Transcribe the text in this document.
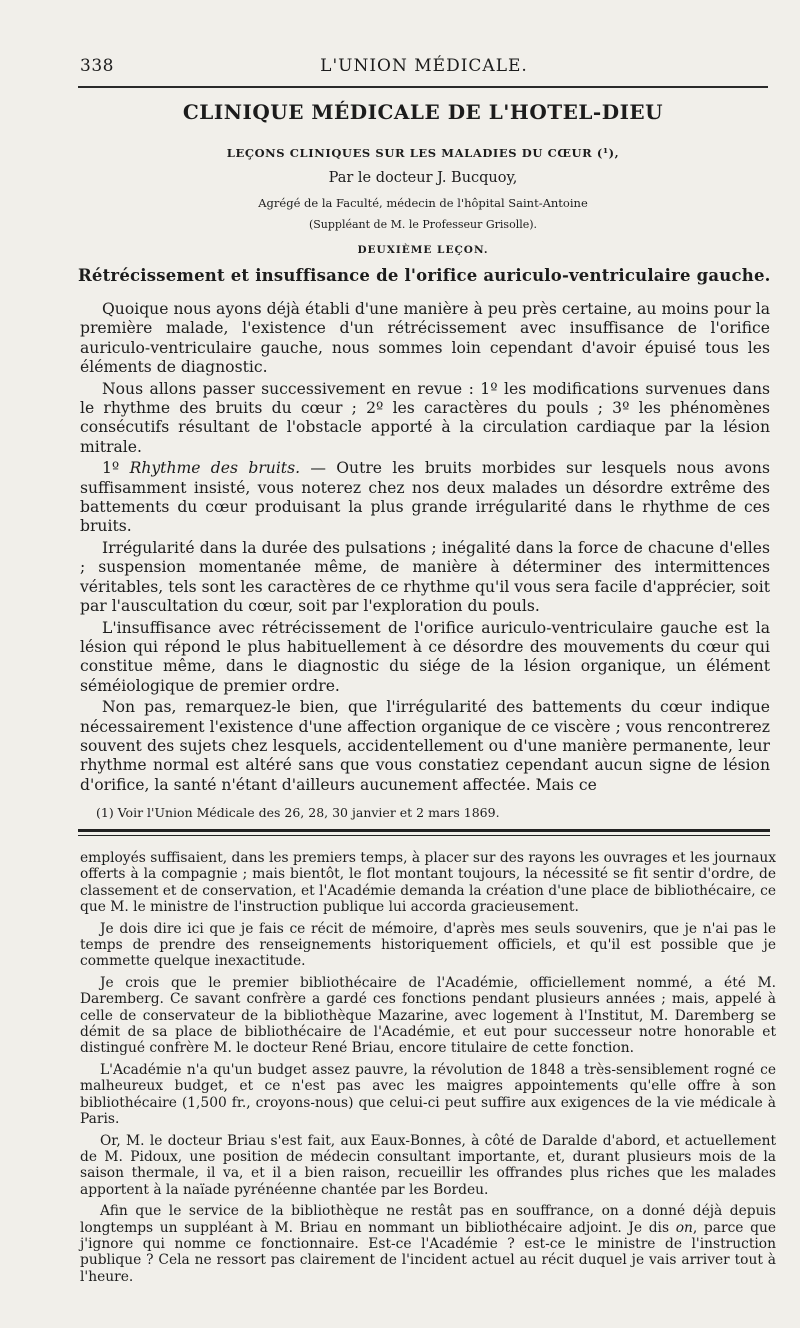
338	L'UNION MÉDICALE.
CLINIQUE MÉDICALE DE L'HOTEL-DIEU
LEÇONS CLINIQUES SUR LES MALADIES DU CŒUR (¹),
Par le docteur J. Bucquoy,
Agrégé de la Faculté, médecin de l'hôpital Saint-Antoine
(Suppléant de M. le Professeur Grisolle).
DEUXIÈME LEÇON.
Rétrécissement et insuffisance de l'orifice auriculo-ventriculaire gauche.

Quoique nous ayons déjà établi d'une manière à peu près certaine, au moins pour la première malade, l'existence d'un rétrécissement avec insuffisance de l'orifice auriculo-ventriculaire gauche, nous sommes loin cependant d'avoir épuisé tous les éléments de diagnostic.

Nous allons passer successivement en revue : 1º les modifications survenues dans le rhythme des bruits du cœur ; 2º les caractères du pouls ; 3º les phénomènes consécutifs résultant de l'obstacle apporté à la circulation cardiaque par la lésion mitrale.

1º Rhythme des bruits. — Outre les bruits morbides sur lesquels nous avons suffisamment insisté, vous noterez chez nos deux malades un désordre extrême des battements du cœur produisant la plus grande irrégularité dans le rhythme de ces bruits.

Irrégularité dans la durée des pulsations ; inégalité dans la force de chacune d'elles ; suspension momentanée même, de manière à déterminer des intermittences véritables, tels sont les caractères de ce rhythme qu'il vous sera facile d'apprécier, soit par l'auscultation du cœur, soit par l'exploration du pouls.

L'insuffisance avec rétrécissement de l'orifice auriculo-ventriculaire gauche est la lésion qui répond le plus habituellement à ce désordre des mouvements du cœur qui constitue même, dans le diagnostic du siége de la lésion organique, un élément séméiologique de premier ordre.

Non pas, remarquez-le bien, que l'irrégularité des battements du cœur indique nécessairement l'existence d'une affection organique de ce viscère ; vous rencontrerez souvent des sujets chez lesquels, accidentellement ou d'une manière permanente, leur rhythme normal est altéré sans que vous constatiez cependant aucun signe de lésion d'orifice, la santé n'étant d'ailleurs aucunement affectée. Mais ce

(1) Voir l'Union Médicale des 26, 28, 30 janvier et 2 mars 1869.

employés suffisaient, dans les premiers temps, à placer sur des rayons les ouvrages et les journaux offerts à la compagnie ; mais bientôt, le flot montant toujours, la nécessité se fit sentir d'ordre, de classement et de conservation, et l'Académie demanda la création d'une place de bibliothécaire, ce que M. le ministre de l'instruction publique lui accorda gracieusement.

Je dois dire ici que je fais ce récit de mémoire, d'après mes seuls souvenirs, que je n'ai pas le temps de prendre des renseignements historiquement officiels, et qu'il est possible que je commette quelque inexactitude.

Je crois que le premier bibliothécaire de l'Académie, officiellement nommé, a été M. Daremberg. Ce savant confrère a gardé ces fonctions pendant plusieurs années ; mais, appelé à celle de conservateur de la bibliothèque Mazarine, avec logement à l'Institut, M. Daremberg se démit de sa place de bibliothécaire de l'Académie, et eut pour successeur notre honorable et distingué confrère M. le docteur René Briau, encore titulaire de cette fonction.

L'Académie n'a qu'un budget assez pauvre, la révolution de 1848 a très-sensiblement rogné ce malheureux budget, et ce n'est pas avec les maigres appointements qu'elle offre à son bibliothécaire (1,500 fr., croyons-nous) que celui-ci peut suffire aux exigences de la vie médicale à Paris.

Or, M. le docteur Briau s'est fait, aux Eaux-Bonnes, à côté de Daralde d'abord, et actuellement de M. Pidoux, une position de médecin consultant importante, et, durant plusieurs mois de la saison thermale, il va, et il a bien raison, recueillir les offrandes plus riches que les malades apportent à la naïade pyrénéenne chantée par les Bordeu.

Afin que le service de la bibliothèque ne restât pas en souffrance, on a donné déjà depuis longtemps un suppléant à M. Briau en nommant un bibliothécaire adjoint. Je dis on, parce que j'ignore qui nomme ce fonctionnaire. Est-ce l'Académie ? est-ce le ministre de l'instruction publique ? Cela ne ressort pas clairement de l'incident actuel au récit duquel je vais arriver tout à l'heure.
